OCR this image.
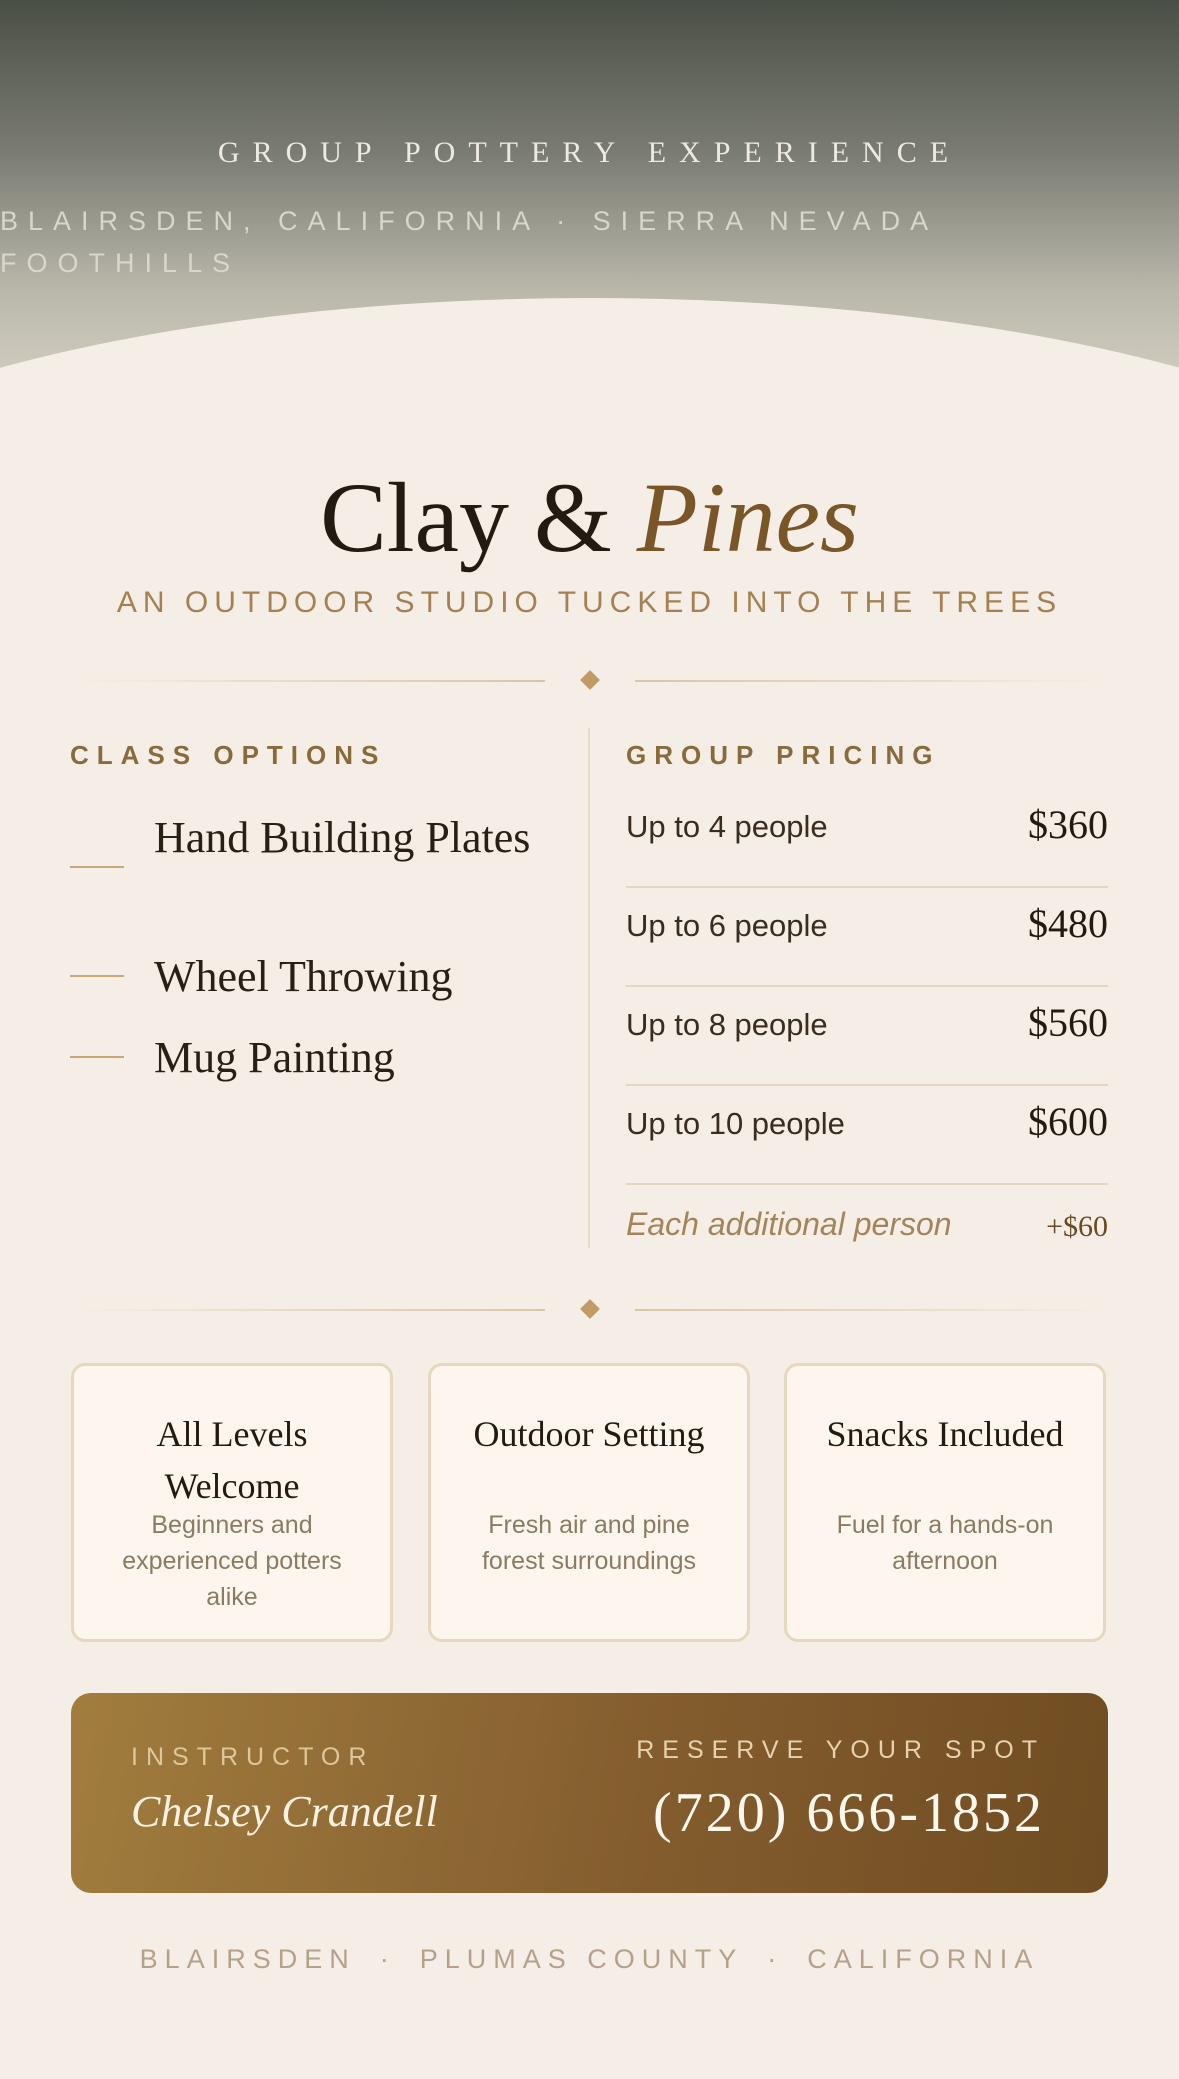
GROUP POTTERY EXPERIENCE
BLAIRSDEN, CALIFORNIA · SIERRA NEVADA FOOTHILLS
Clay & Pines
AN OUTDOOR STUDIO TUCKED INTO THE TREES
CLASS OPTIONS	GROUP PRICING
Hand Building Plates
Wheel Throwing
Mug Painting
Up to 4 people	$360
Up to 6 people	$480
Up to 8 people	$560
Up to 10 people	$600
Each additional person	+$60
All Levels Welcome
Beginners and experienced potters alike
Outdoor Setting
Fresh air and pine forest surroundings
Snacks Included
Fuel for a hands-on afternoon
INSTRUCTOR
Chelsey Crandell
RESERVE YOUR SPOT
(720) 666-1852
BLAIRSDEN · PLUMAS COUNTY · CALIFORNIA
